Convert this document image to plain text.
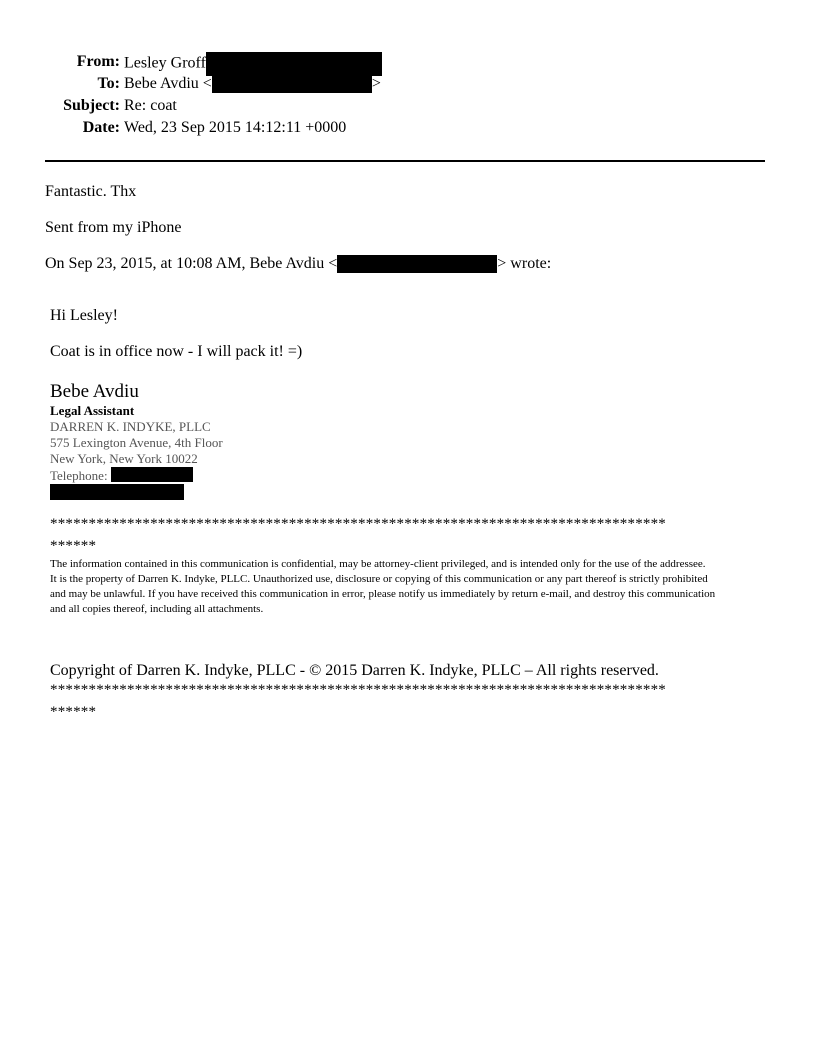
From: Lesley Groff
To: Bebe Avdiu <	>
Subject: Re: coat
Date: Wed, 23 Sep 2015 14:12:11 +0000
Fantastic. Thx
Sent from my iPhone
On Sep 23, 2015, at 10:08 AM, Bebe Avdiu <	> wrote:
Hi Lesley!
Coat is in office now - I will pack it! =)
Bebe Avdiu
Legal Assistant
DARREN K. INDYKE, PLLC
575 Lexington Avenue, 4th Floor
New York, New York 10022
Telephone:
********************************************************************************
******
The information contained in this communication is confidential, may be attorney-client privileged, and is intended only for the use of the addressee.
It is the property of Darren K. Indyke, PLLC. Unauthorized use, disclosure or copying of this communication or any part thereof is strictly prohibited
and may be unlawful. If you have received this communication in error, please notify us immediately by return e-mail, and destroy this communication
and all copies thereof, including all attachments.
Copyright of Darren K. Indyke, PLLC - © 2015 Darren K. Indyke, PLLC – All rights reserved.
********************************************************************************
******
